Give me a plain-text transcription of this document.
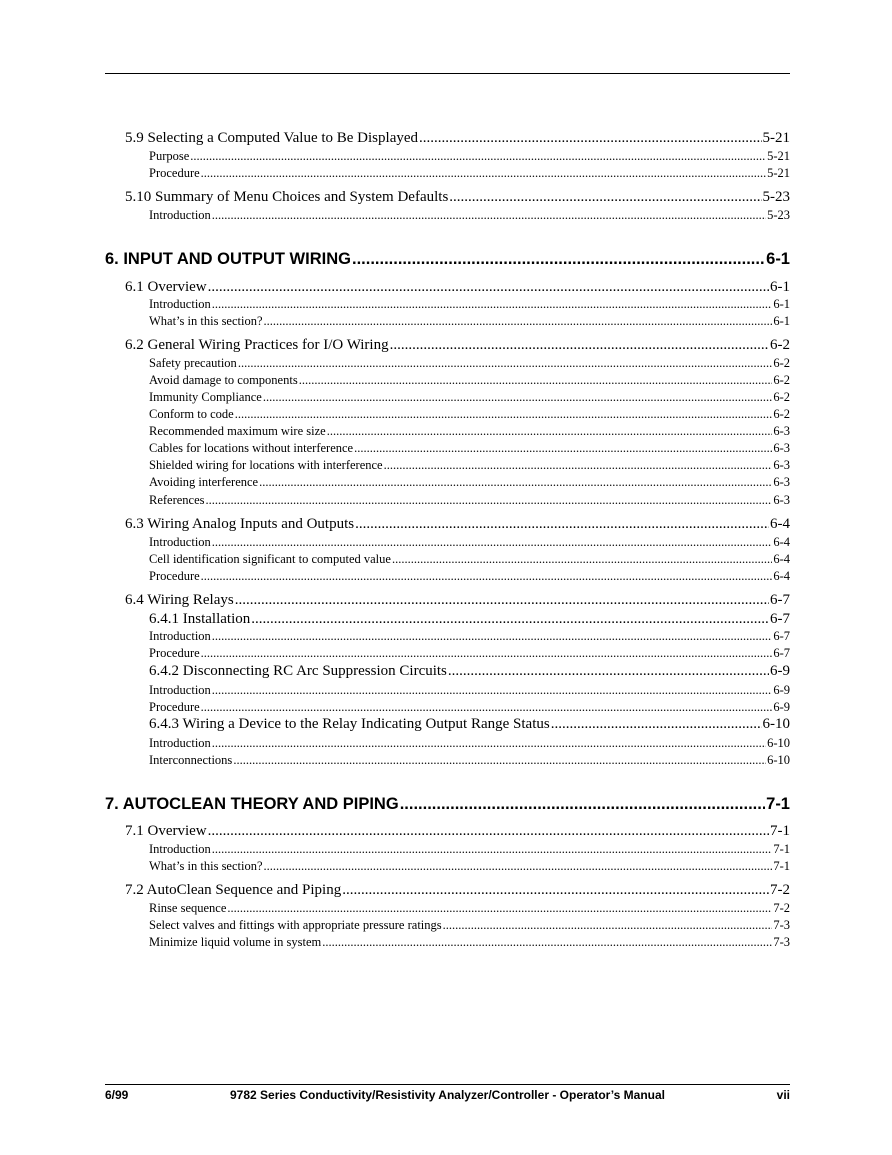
5.9 Selecting a Computed Value to Be Displayed .....	5-21
Purpose .....	5-21
Procedure .....	5-21
5.10 Summary of Menu Choices and System Defaults .....	5-23
Introduction .....	5-23
6. INPUT AND OUTPUT WIRING .....	6-1
6.1 Overview .....	6-1
Introduction .....	6-1
What’s in this section? .....	6-1
6.2 General Wiring Practices for I/O Wiring .....	6-2
Safety precaution .....	6-2
Avoid damage to components .....	6-2
Immunity Compliance .....	6-2
Conform to code .....	6-2
Recommended maximum wire size .....	6-3
Cables for locations without interference .....	6-3
Shielded wiring for locations with interference .....	6-3
Avoiding interference .....	6-3
References .....	6-3
6.3 Wiring Analog Inputs and Outputs .....	6-4
Introduction .....	6-4
Cell identification significant to computed value .....	6-4
Procedure .....	6-4
6.4 Wiring Relays .....	6-7
6.4.1 Installation .....	6-7
Introduction .....	6-7
Procedure .....	6-7
6.4.2 Disconnecting RC Arc Suppression Circuits .....	6-9
Introduction .....	6-9
Procedure .....	6-9
6.4.3 Wiring a Device to the Relay Indicating Output Range Status .....	6-10
Introduction .....	6-10
Interconnections .....	6-10
7. AUTOCLEAN THEORY AND PIPING .....	7-1
7.1 Overview .....	7-1
Introduction .....	7-1
What’s in this section? .....	7-1
7.2 AutoClean Sequence and Piping .....	7-2
Rinse sequence .....	7-2
Select valves and fittings with appropriate pressure ratings .....	7-3
Minimize liquid volume in system .....	7-3
6/99	9782 Series Conductivity/Resistivity Analyzer/Controller - Operator’s Manual	vii
